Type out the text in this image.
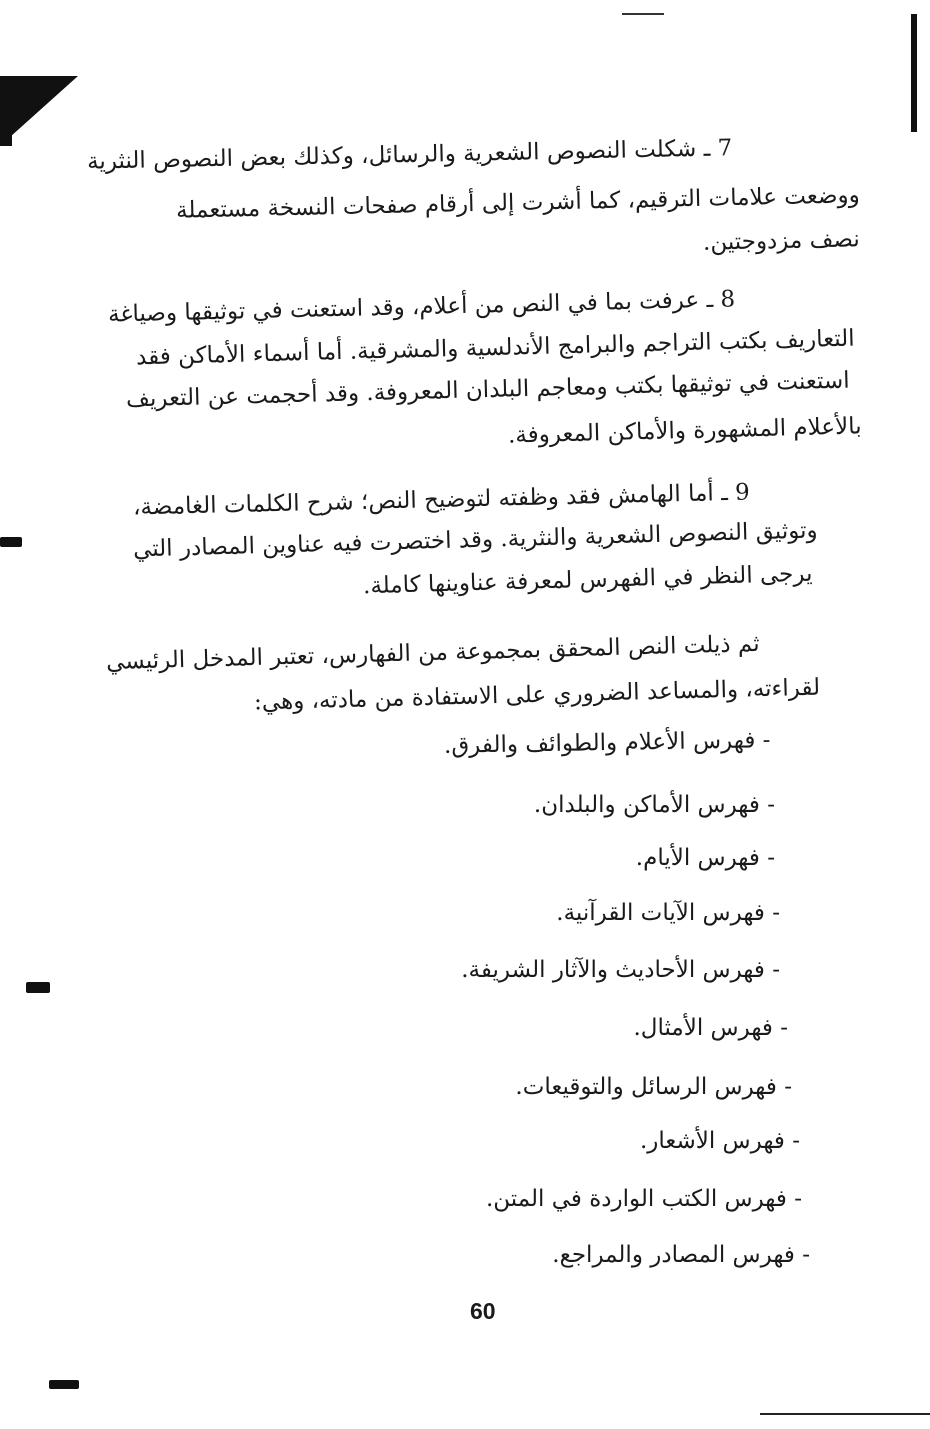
7 ـ شكلت النصوص الشعرية والرسائل، وكذلك بعض النصوص النثرية
ووضعت علامات الترقيم، كما أشرت إلى أرقام صفحات النسخة مستعملة
نصف مزدوجتين.
8 ـ عرفت بما في النص من أعلام، وقد استعنت في توثيقها وصياغة
التعاريف بكتب التراجم والبرامج الأندلسية والمشرقية. أما أسماء الأماكن فقد
استعنت في توثيقها بكتب ومعاجم البلدان المعروفة. وقد أحجمت عن التعريف
بالأعلام المشهورة والأماكن المعروفة.
9 ـ أما الهامش فقد وظفته لتوضيح النص؛ شرح الكلمات الغامضة،
وتوثيق النصوص الشعرية والنثرية. وقد اختصرت فيه عناوين المصادر التي
يرجى النظر في الفهرس لمعرفة عناوينها كاملة.
ثم ذيلت النص المحقق بمجموعة من الفهارس، تعتبر المدخل الرئيسي
لقراءته، والمساعد الضروري على الاستفادة من مادته، وهي:
- فهرس الأعلام والطوائف والفرق.
- فهرس الأماكن والبلدان.
- فهرس الأيام.
- فهرس الآيات القرآنية.
- فهرس الأحاديث والآثار الشريفة.
- فهرس الأمثال.
- فهرس الرسائل والتوقيعات.
- فهرس الأشعار.
- فهرس الكتب الواردة في المتن.
- فهرس المصادر والمراجع.
60
